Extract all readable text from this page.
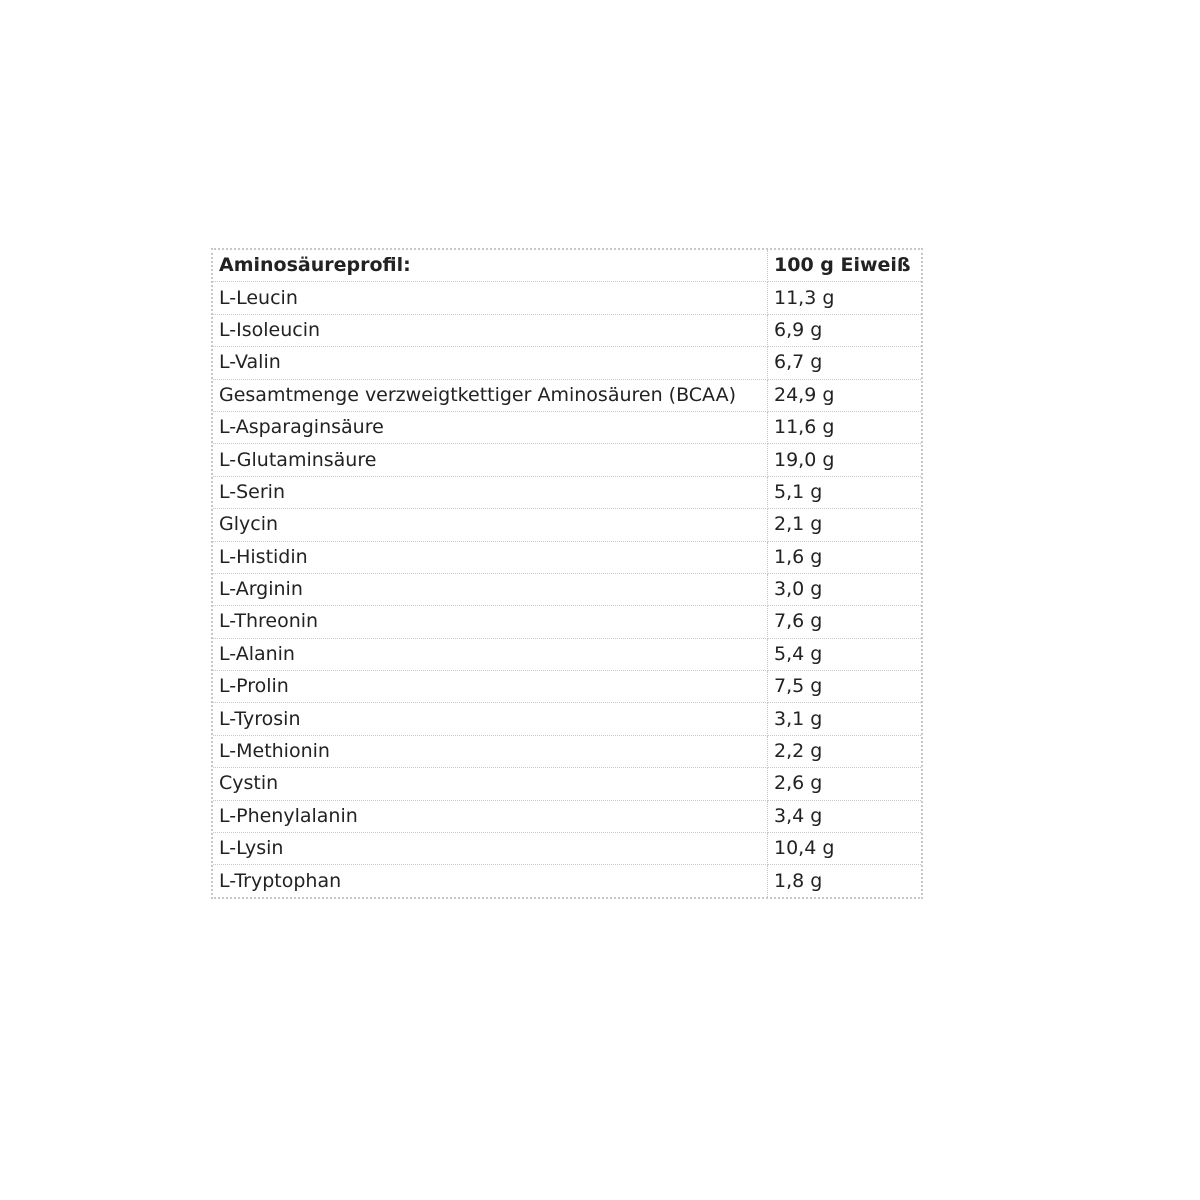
Aminosäureprofil:	100 g Eiweiß
L-Leucin	11,3 g
L-Isoleucin	6,9 g
L-Valin	6,7 g
Gesamtmenge verzweigtkettiger Aminosäuren (BCAA)	24,9 g
L-Asparaginsäure	11,6 g
L-Glutaminsäure	19,0 g
L-Serin	5,1 g
Glycin	2,1 g
L-Histidin	1,6 g
L-Arginin	3,0 g
L-Threonin	7,6 g
L-Alanin	5,4 g
L-Prolin	7,5 g
L-Tyrosin	3,1 g
L-Methionin	2,2 g
Cystin	2,6 g
L-Phenylalanin	3,4 g
L-Lysin	10,4 g
L-Tryptophan	1,8 g
